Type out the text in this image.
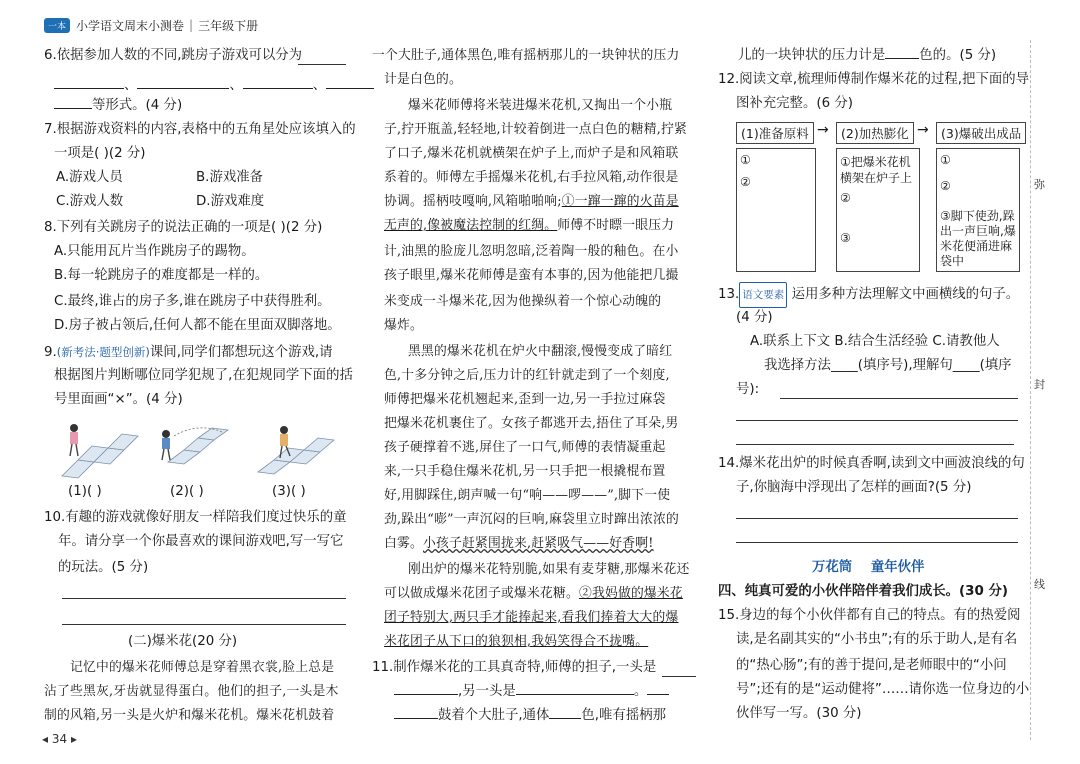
一本 小学语文周末小测卷 | 三年级下册
6.依据参加人数的不同,跳房子游戏可以分为
、	、	、
等形式。(4 分)
7.根据游戏资料的内容,表格中的五角星处应该填入的
一项是( )(2 分)
A.游戏人员	B.游戏准备
C.游戏人数	D.游戏难度
8.下列有关跳房子的说法正确的一项是( )(2 分)
A.只能用瓦片当作跳房子的踢物。
B.每一轮跳房子的难度都是一样的。
C.最终,谁占的房子多,谁在跳房子中获得胜利。
D.房子被占领后,任何人都不能在里面双脚落地。
9.(新考法·题型创新)课间,同学们都想玩这个游戏,请
根据图片判断哪位同学犯规了,在犯规同学下面的括
号里面画“×”。(4 分)
(1)( )	(2)( )	(3)( )
10.有趣的游戏就像好朋友一样陪我们度过快乐的童
年。请分享一个你最喜欢的课间游戏吧,写一写它
的玩法。(5 分)
(二)爆米花(20 分)
记忆中的爆米花师傅总是穿着黑衣裳,脸上总是
沾了些黑灰,牙齿就显得蛋白。他们的担子,一头是木
制的风箱,另一头是火炉和爆米花机。爆米花机鼓着
◂ 34 ▸
一个大肚子,通体黑色,唯有摇柄那儿的一块钟状的压力
计是白色的。
爆米花师傅将米装进爆米花机,又掏出一个小瓶
子,拧开瓶盖,轻轻地,计较着倒进一点白色的糖精,拧紧
了口子,爆米花机就横架在炉子上,而炉子是和风箱联
系着的。师傅左手摇爆米花机,右手拉风箱,动作很是
协调。摇柄吱嘎响,风箱啪啪响;①一蹿一蹿的火苗是
无声的,像被魔法控制的红绸。师傅不时瞟一眼压力
计,油黑的脸庞儿忽明忽暗,泛着陶一般的釉色。在小
孩子眼里,爆米花师傅是蛮有本事的,因为他能把几撮
米变成一斗爆米花,因为他操纵着一个惊心动魄的
爆炸。
黑黑的爆米花机在炉火中翻滚,慢慢变成了暗红
色,十多分钟之后,压力计的红针就走到了一个刻度,
师傅把爆米花机翘起来,歪到一边,另一手拉过麻袋
把爆米花机裹住了。女孩子都逃开去,捂住了耳朵,男
孩子硬撑着不逃,屏住了一口气,师傅的表情凝重起
来,一只手稳住爆米花机,另一只手把一根撬棍布置
好,用脚踩住,朗声喊一句“响——啰——”,脚下一使
劲,跺出“嘭”一声沉闷的巨响,麻袋里立时蹿出浓浓的
白雾。小孩子赶紧围拢来,赶紧吸气——好香啊!
刚出炉的爆米花特别脆,如果有麦芽糖,那爆米花还
可以做成爆米花团子或爆米花糖。②我妈做的爆米花
团子特别大,两只手才能捧起来,看我们捧着大大的爆
米花团子从下口的狼狈相,我妈笑得合不拢嘴。
11.制作爆米花的工具真奇特,师傅的担子,一头是
,另一头是	。
鼓着个大肚子,通体 色,唯有摇柄那
儿的一块钟状的压力计是	色的。(5 分)
12.阅读文章,梳理师傅制作爆米花的过程,把下面的导
图补充完整。(6 分)
(1)准备原料 → (2)加热膨化 → (3)爆破出成品
①
②
①把爆米花机
横架在炉子上
②
③
①
②
③脚下使劲,跺
出一声巨响,爆
米花便涌进麻
袋中
13. 语文要素 运用多种方法理解文中画横线的句子。
(4 分)
A.联系上下文 B.结合生活经验 C.请教他人
我选择方法____(填序号),理解句____(填序
号):
14.爆米花出炉的时候真香啊,读到文中画波浪线的句
子,你脑海中浮现出了怎样的画面?(5 分)
万花筒 童年伙伴
四、纯真可爱的小伙伴陪伴着我们成长。(30 分)
15.身边的每个小伙伴都有自己的特点。有的热爱阅
读,是名副其实的“小书虫”;有的乐于助人,是有名
的“热心肠”;有的善于提问,是老师眼中的“小问
号”;还有的是“运动健将”……请你选一位身边的小
伙伴写一写。(30 分)
弥
封
线
